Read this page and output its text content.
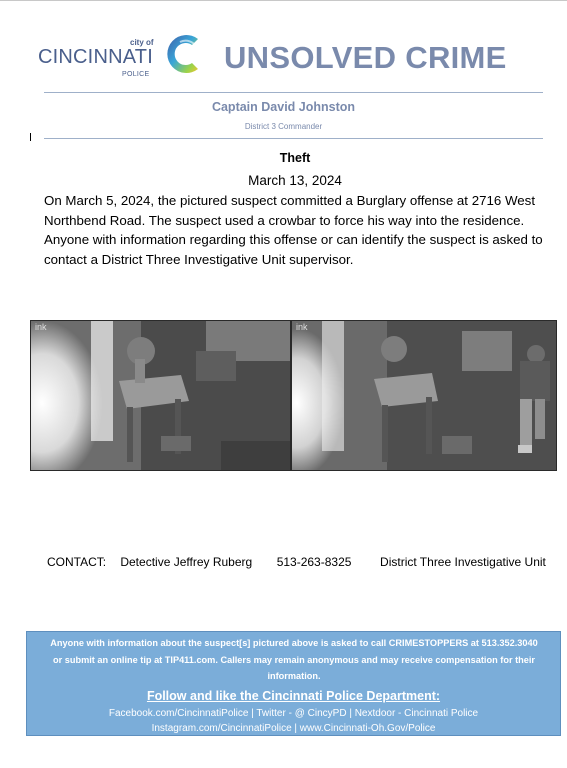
city of
CINCINNATI
POLICE UNSOLVED CRIME
Captain David Johnston
District 3 Commander
Theft
March 13, 2024
On March 5, 2024, the pictured suspect committed a Burglary offense at 2716 West Northbend Road. The suspect used a crowbar to force his way into the residence. Anyone with information regarding this offense or can identify the suspect is asked to contact a District Three Investigative Unit supervisor.
ink	ink
CONTACT: Detective Jeffrey Ruberg 513-263-8325 District Three Investigative Unit
Anyone with information about the suspect[s] pictured above is asked to call CRIMESTOPPERS at 513.352.3040 or submit an online tip at TIP411.com. Callers may remain anonymous and may receive compensation for their information.
Follow and like the Cincinnati Police Department:
Facebook.com/CincinnatiPolice | Twitter - @ CincyPD | Nextdoor - Cincinnati Police
Instagram.com/CincinnatiPolice | www.Cincinnati-Oh.Gov/Police
